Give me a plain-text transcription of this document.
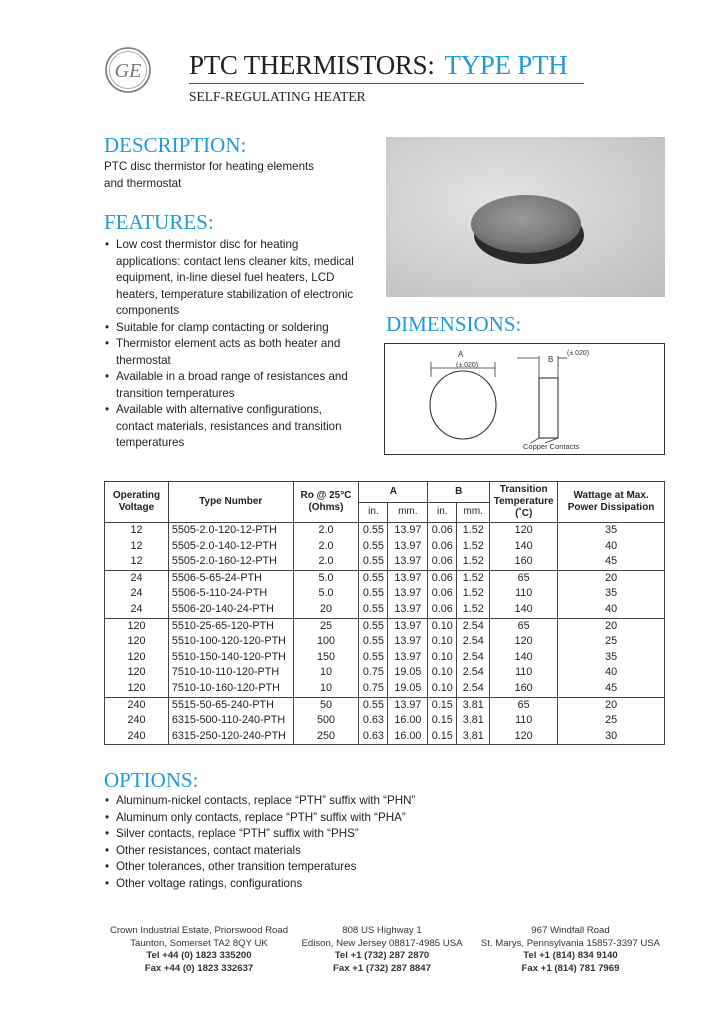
GE PTC THERMISTORS: TYPE PTH
SELF-REGULATING HEATER
DESCRIPTION:
PTC disc thermistor for heating elements and thermostat
FEATURES:
• Low cost thermistor disc for heating applications: contact lens cleaner kits, medical equipment, in-line diesel fuel heaters, LCD heaters, temperature stabilization of electronic components
• Suitable for clamp contacting or soldering
• Thermistor element acts as both heater and thermostat
• Available in a broad range of resistances and transition temperatures
• Available with alternative configurations, contact materials, resistances and transition temperatures
DIMENSIONS:
A
(±.020)
B
(±.020)
Copper Contacts
Operating Voltage	Type Number	Ro @ 25°C (Ohms)	A		B		Transition Temperature (˚C)	Wattage at Max. Power Dissipation
			in.	mm.	in.	mm.		
12	5505-2.0-120-12-PTH	2.0	0.55	13.97	0.06	1.52	120	35
12	5505-2.0-140-12-PTH	2.0	0.55	13.97	0.06	1.52	140	40
12	5505-2.0-160-12-PTH	2.0	0.55	13.97	0.06	1.52	160	45
24	5506-5-65-24-PTH	5.0	0.55	13.97	0.06	1.52	65	20
24	5506-5-110-24-PTH	5.0	0.55	13.97	0.06	1.52	110	35
24	5506-20-140-24-PTH	20	0.55	13.97	0.06	1.52	140	40
120	5510-25-65-120-PTH	25	0.55	13.97	0.10	2.54	65	20
120	5510-100-120-120-PTH	100	0.55	13.97	0.10	2.54	120	25
120	5510-150-140-120-PTH	150	0.55	13.97	0.10	2.54	140	35
120	7510-10-110-120-PTH	10	0.75	19.05	0.10	2.54	110	40
120	7510-10-160-120-PTH	10	0.75	19.05	0.10	2.54	160	45
240	5515-50-65-240-PTH	50	0.55	13.97	0.15	3.81	65	20
240	6315-500-110-240-PTH	500	0.63	16.00	0.15	3.81	110	25
240	6315-250-120-240-PTH	250	0.63	16.00	0.15	3.81	120	30
OPTIONS:
• Aluminum-nickel contacts, replace “PTH” suffix with “PHN”
• Aluminum only contacts, replace “PTH” suffix with “PHA”
• Silver contacts, replace “PTH” suffix with “PHS”
• Other resistances, contact materials
• Other tolerances, other transition temperatures
• Other voltage ratings, configurations
Crown Industrial Estate, Priorswood Road
Taunton, Somerset TA2 8QY UK
Tel +44 (0) 1823 335200
Fax +44 (0) 1823 332637
808 US Highway 1
Edison, New Jersey 08817-4985 USA
Tel +1 (732) 287 2870
Fax +1 (732) 287 8847
967 Windfall Road
St. Marys, Pennsylvania 15857-3397 USA
Tel +1 (814) 834 9140
Fax +1 (814) 781 7969
